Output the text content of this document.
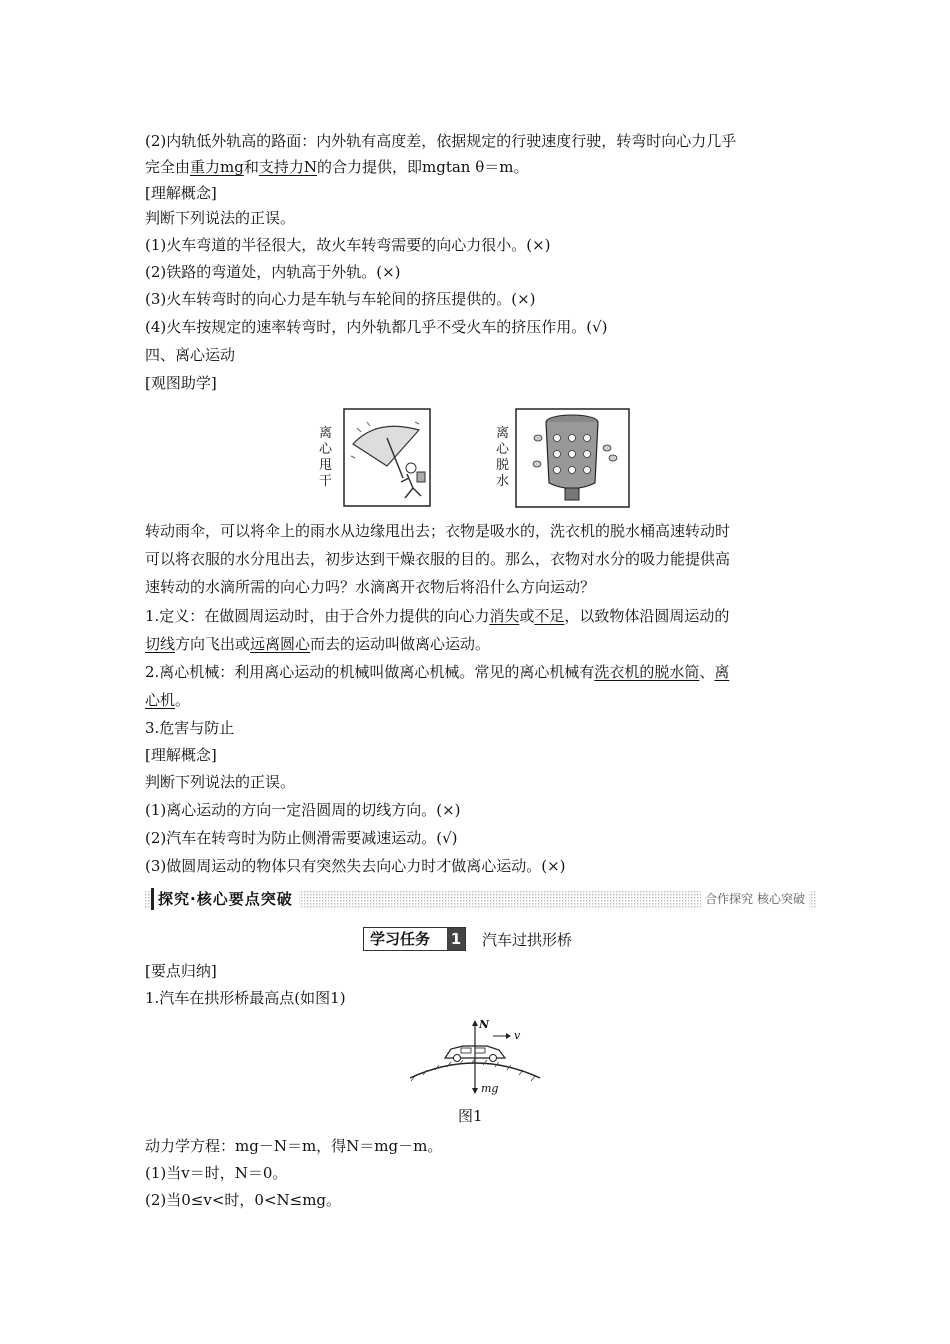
(2)内轨低外轨高的路面：内外轨有高度差，依据规定的行驶速度行驶，转弯时向心力几乎
完全由重力mg和支持力N的合力提供，即mgtan θ＝m。
[理解概念]
判断下列说法的正误。
(1)火车弯道的半径很大，故火车转弯需要的向心力很小。(×)
(2)铁路的弯道处，内轨高于外轨。(×)
(3)火车转弯时的向心力是车轨与车轮间的挤压提供的。(×)
(4)火车按规定的速率转弯时，内外轨都几乎不受火车的挤压作用。(√)
四、离心运动
[观图助学]
离心甩干
离心脱水
转动雨伞，可以将伞上的雨水从边缘甩出去；衣物是吸水的，洗衣机的脱水桶高速转动时
可以将衣服的水分甩出去，初步达到干燥衣服的目的。那么，衣物对水分的吸力能提供高
速转动的水滴所需的向心力吗？水滴离开衣物后将沿什么方向运动？
1.定义：在做圆周运动时，由于合外力提供的向心力消失或不足，以致物体沿圆周运动的
切线方向飞出或远离圆心而去的运动叫做离心运动。
2.离心机械：利用离心运动的机械叫做离心机械。常见的离心机械有洗衣机的脱水筒、离
心机。
3.危害与防止
[理解概念]
判断下列说法的正误。
(1)离心运动的方向一定沿圆周的切线方向。(×)
(2)汽车在转弯时为防止侧滑需要减速运动。(√)
(3)做圆周运动的物体只有突然失去向心力时才做离心运动。(×)
探究·核心要点突破	合作探究 核心突破
学习任务 1 汽车过拱形桥
[要点归纳]
1.汽车在拱形桥最高点(如图1)
N
v
mg
图1
动力学方程：mg－N＝m，得N＝mg－m。
(1)当v＝时，N＝0。
(2)当0≤v<时，0<N≤mg。
